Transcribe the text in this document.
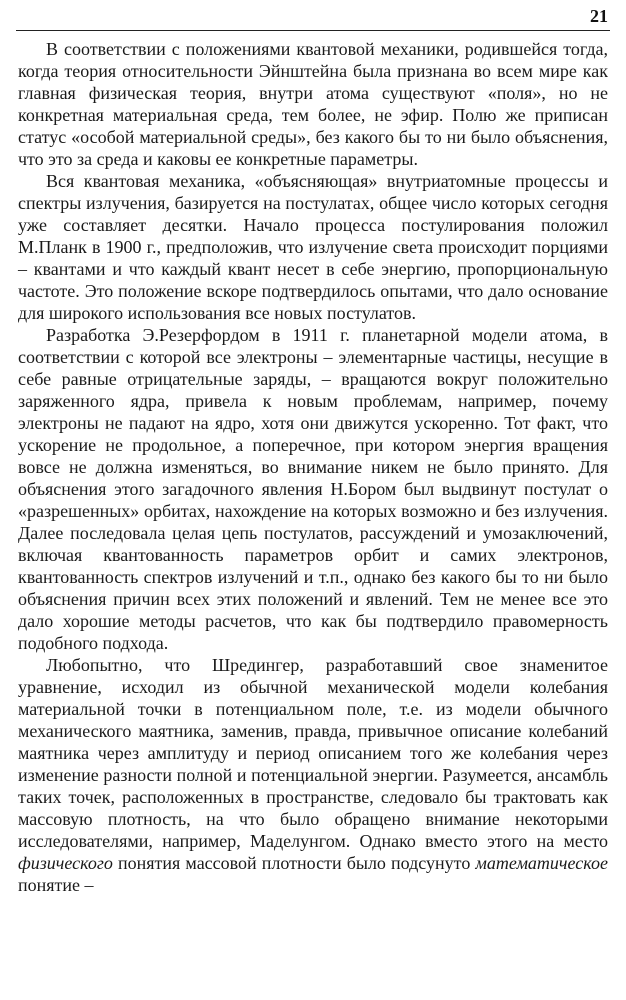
21

В соответствии с положениями квантовой механики, родившейся тогда, когда теория относительности Эйнштейна была признана во всем мире как главная физическая теория, внутри атома существуют «поля», но не конкретная материальная среда, тем более, не эфир. Полю же приписан статус «особой материальной среды», без какого бы то ни было объяснения, что это за среда и каковы ее конкретные параметры.

Вся квантовая механика, «объясняющая» внутриатомные процессы и спектры излучения, базируется на постулатах, общее число которых сегодня уже составляет десятки. Начало процесса постулирования положил М.Планк в 1900 г., предположив, что излучение света происходит порциями – квантами и что каждый квант несет в себе энергию, пропорциональную частоте. Это положение вскоре подтвердилось опытами, что дало основание для широкого использования все новых постулатов.

Разработка Э.Резерфордом в 1911 г. планетарной модели атома, в соответствии с которой все электроны – элементарные частицы, несущие в себе равные отрицательные заряды, – вращаются вокруг положительно заряженного ядра, привела к новым проблемам, например, почему электроны не падают на ядро, хотя они движутся ускоренно. Тот факт, что ускорение не продольное, а поперечное, при котором энергия вращения вовсе не должна изменяться, во внимание никем не было принято. Для объяснения этого загадочного явления Н.Бором был выдвинут постулат о «разрешенных» орбитах, нахождение на которых возможно и без излучения. Далее последовала целая цепь постулатов, рассуждений и умозаключений, включая квантованность параметров орбит и самих электронов, квантованность спектров излучений и т.п., однако без какого бы то ни было объяснения причин всех этих положений и явлений. Тем не менее все это дало хорошие методы расчетов, что как бы подтвердило правомерность подобного подхода.

Любопытно, что Шредингер, разработавший свое знаменитое уравнение, исходил из обычной механической модели колебания материальной точки в потенциальном поле, т.е. из модели обычного механического маятника, заменив, правда, привычное описание колебаний маятника через амплитуду и период описанием того же колебания через изменение разности полной и потенциальной энергии. Разумеется, ансамбль таких точек, расположенных в пространстве, следовало бы трактовать как массовую плотность, на что было обращено внимание некоторыми исследователями, например, Маделунгом. Однако вместо этого на место физического понятия массовой плотности было подсунуто математическое понятие –
